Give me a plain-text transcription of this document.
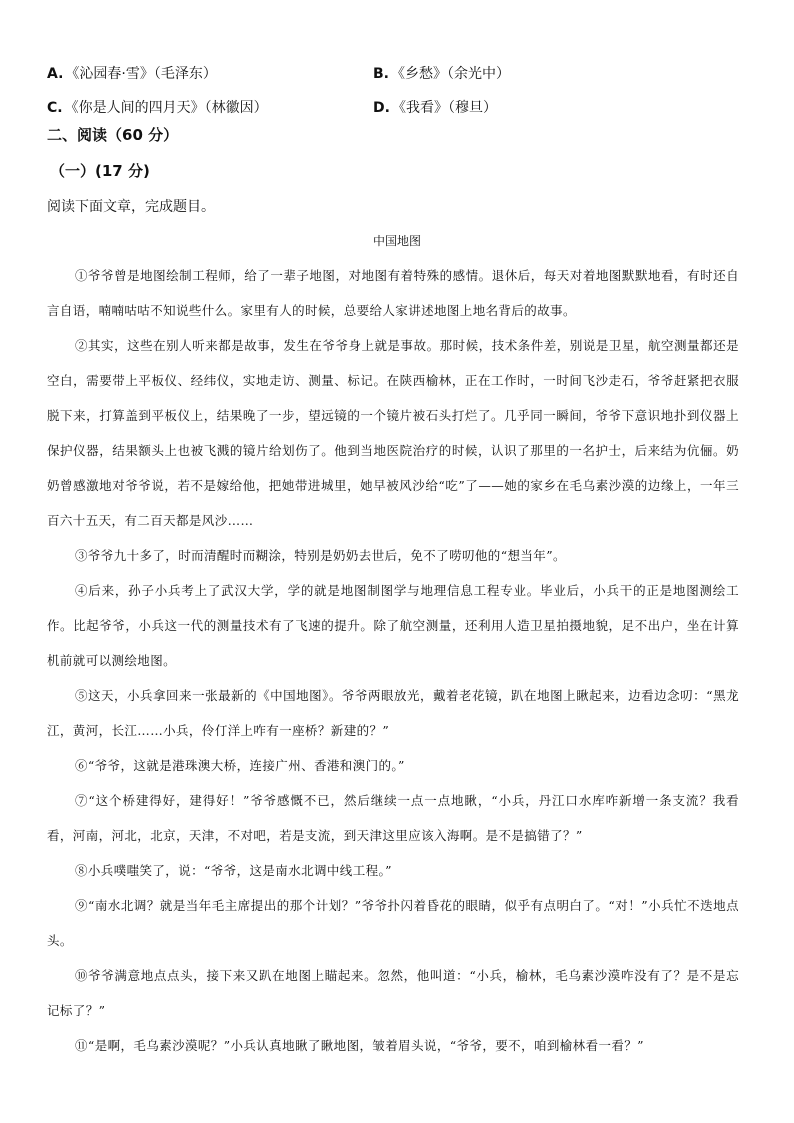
A. 《沁园春·雪》（毛泽东）	B. 《乡愁》（余光中）
C. 《你是人间的四月天》（林徽因）	D. 《我看》（穆旦）
二、阅读（60 分）
（一）(17 分)
阅读下面文章，完成题目。
中国地图

①爷爷曾是地图绘制工程师，给了一辈子地图，对地图有着特殊的感情。退休后，每天对着地图默默地看，有时还自言自语，喃喃咕咕不知说些什么。家里有人的时候，总要给人家讲述地图上地名背后的故事。

②其实，这些在别人听来都是故事，发生在爷爷身上就是事故。那时候，技术条件差，别说是卫星，航空测量都还是空白，需要带上平板仪、经纬仪，实地走访、测量、标记。在陕西榆林，正在工作时，一时间飞沙走石，爷爷赶紧把衣服脱下来，打算盖到平板仪上，结果晚了一步，望远镜的一个镜片被石头打烂了。几乎同一瞬间，爷爷下意识地扑到仪器上保护仪器，结果额头上也被飞溅的镜片给划伤了。他到当地医院治疗的时候，认识了那里的一名护士，后来结为伉俪。奶奶曾感激地对爷爷说，若不是嫁给他，把她带进城里，她早被风沙给“吃”了——她的家乡在毛乌素沙漠的边缘上，一年三百六十五天，有二百天都是风沙……

③爷爷九十多了，时而清醒时而糊涂，特别是奶奶去世后，免不了唠叨他的“想当年”。

④后来，孙子小兵考上了武汉大学，学的就是地图制图学与地理信息工程专业。毕业后，小兵干的正是地图测绘工作。比起爷爷，小兵这一代的测量技术有了飞速的提升。除了航空测量，还利用人造卫星拍摄地貌，足不出户，坐在计算机前就可以测绘地图。

⑤这天，小兵拿回来一张最新的《中国地图》。爷爷两眼放光，戴着老花镜，趴在地图上瞅起来，边看边念叨：“黑龙江，黄河，长江……小兵，伶仃洋上咋有一座桥？新建的？”

⑥“爷爷，这就是港珠澳大桥，连接广州、香港和澳门的。”

⑦“这个桥建得好，建得好！”爷爷感慨不已，然后继续一点一点地瞅，“小兵，丹江口水库咋新增一条支流？我看看，河南，河北，北京，天津，不对吧，若是支流，到天津这里应该入海啊。是不是搞错了？”

⑧小兵噗嗤笑了，说：“爷爷，这是南水北调中线工程。”

⑨“南水北调？就是当年毛主席提出的那个计划？”爷爷扑闪着昏花的眼睛，似乎有点明白了。“对！”小兵忙不迭地点头。

⑩爷爷满意地点点头，接下来又趴在地图上瞄起来。忽然，他叫道：“小兵，榆林，毛乌素沙漠咋没有了？是不是忘记标了？”

⑪“是啊，毛乌素沙漠呢？”小兵认真地瞅了瞅地图，皱着眉头说，“爷爷，要不，咱到榆林看一看？”
